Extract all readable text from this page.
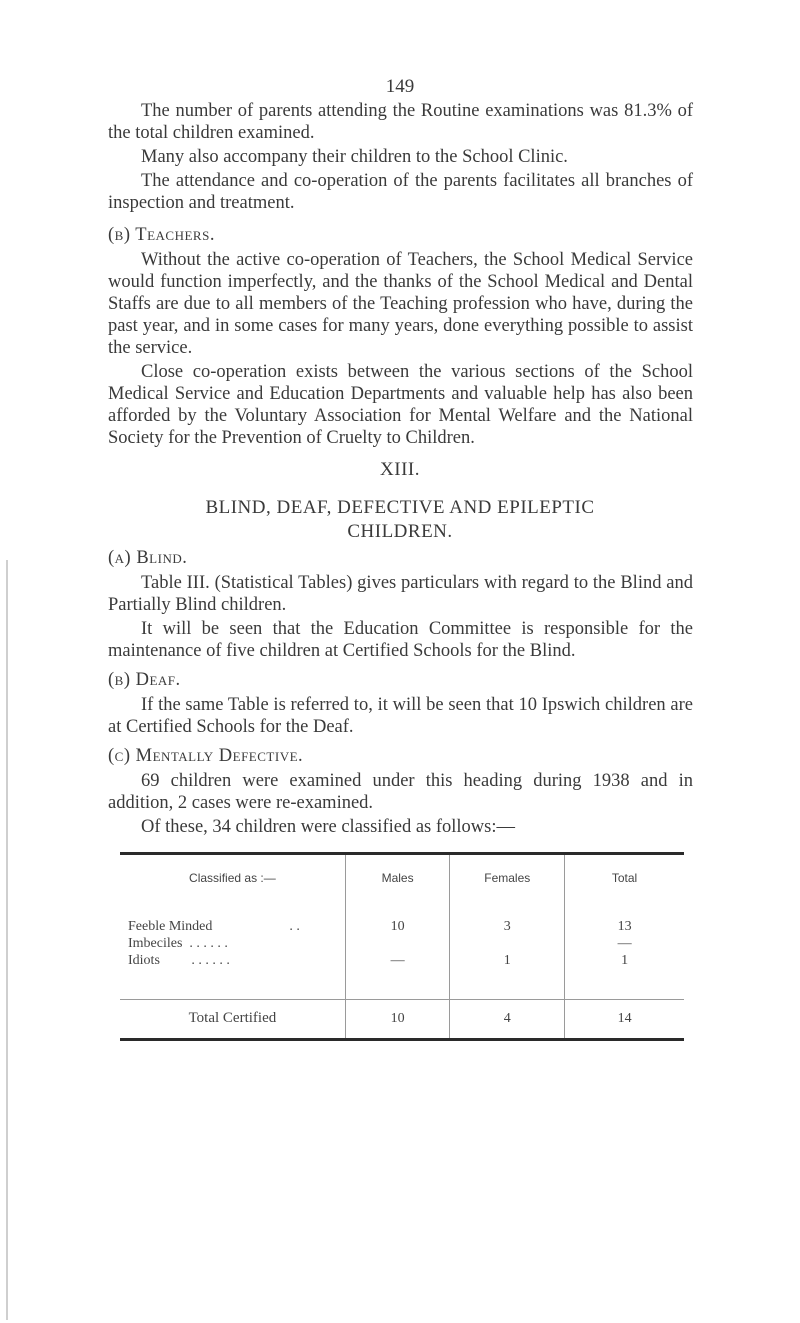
149

The number of parents attending the Routine examinations was 81.3% of the total children examined.

Many also accompany their children to the School Clinic.

The attendance and co-operation of the parents facilitates all branches of inspection and treatment.

(b) Teachers.

Without the active co-operation of Teachers, the School Medical Service would function imperfectly, and the thanks of the School Medical and Dental Staffs are due to all members of the Teaching profession who have, during the past year, and in some cases for many years, done everything possible to assist the service.

Close co-operation exists between the various sections of the School Medical Service and Education Departments and valuable help has also been afforded by the Voluntary Association for Mental Welfare and the National Society for the Prevention of Cruelty to Children.

XIII.
BLIND, DEAF, DEFECTIVE AND EPILEPTIC
CHILDREN.
(a) Blind.

Table III. (Statistical Tables) gives particulars with regard to the Blind and Partially Blind children.

It will be seen that the Education Committee is responsible for the maintenance of five children at Certified Schools for the Blind.

(b) Deaf.

If the same Table is referred to, it will be seen that 10 Ipswich children are at Certified Schools for the Deaf.

(c) Mentally Defective.

69 children were examined under this heading during 1938 and in addition, 2 cases were re-examined.

Of these, 34 children were classified as follows:—

Classified as :—	Males	Females	Total

Feeble Minded . .	10	3	13
Imbeciles . . . . . .			—
Idiots . . . . . .	—	1	1

Total Certified	10	4	14
